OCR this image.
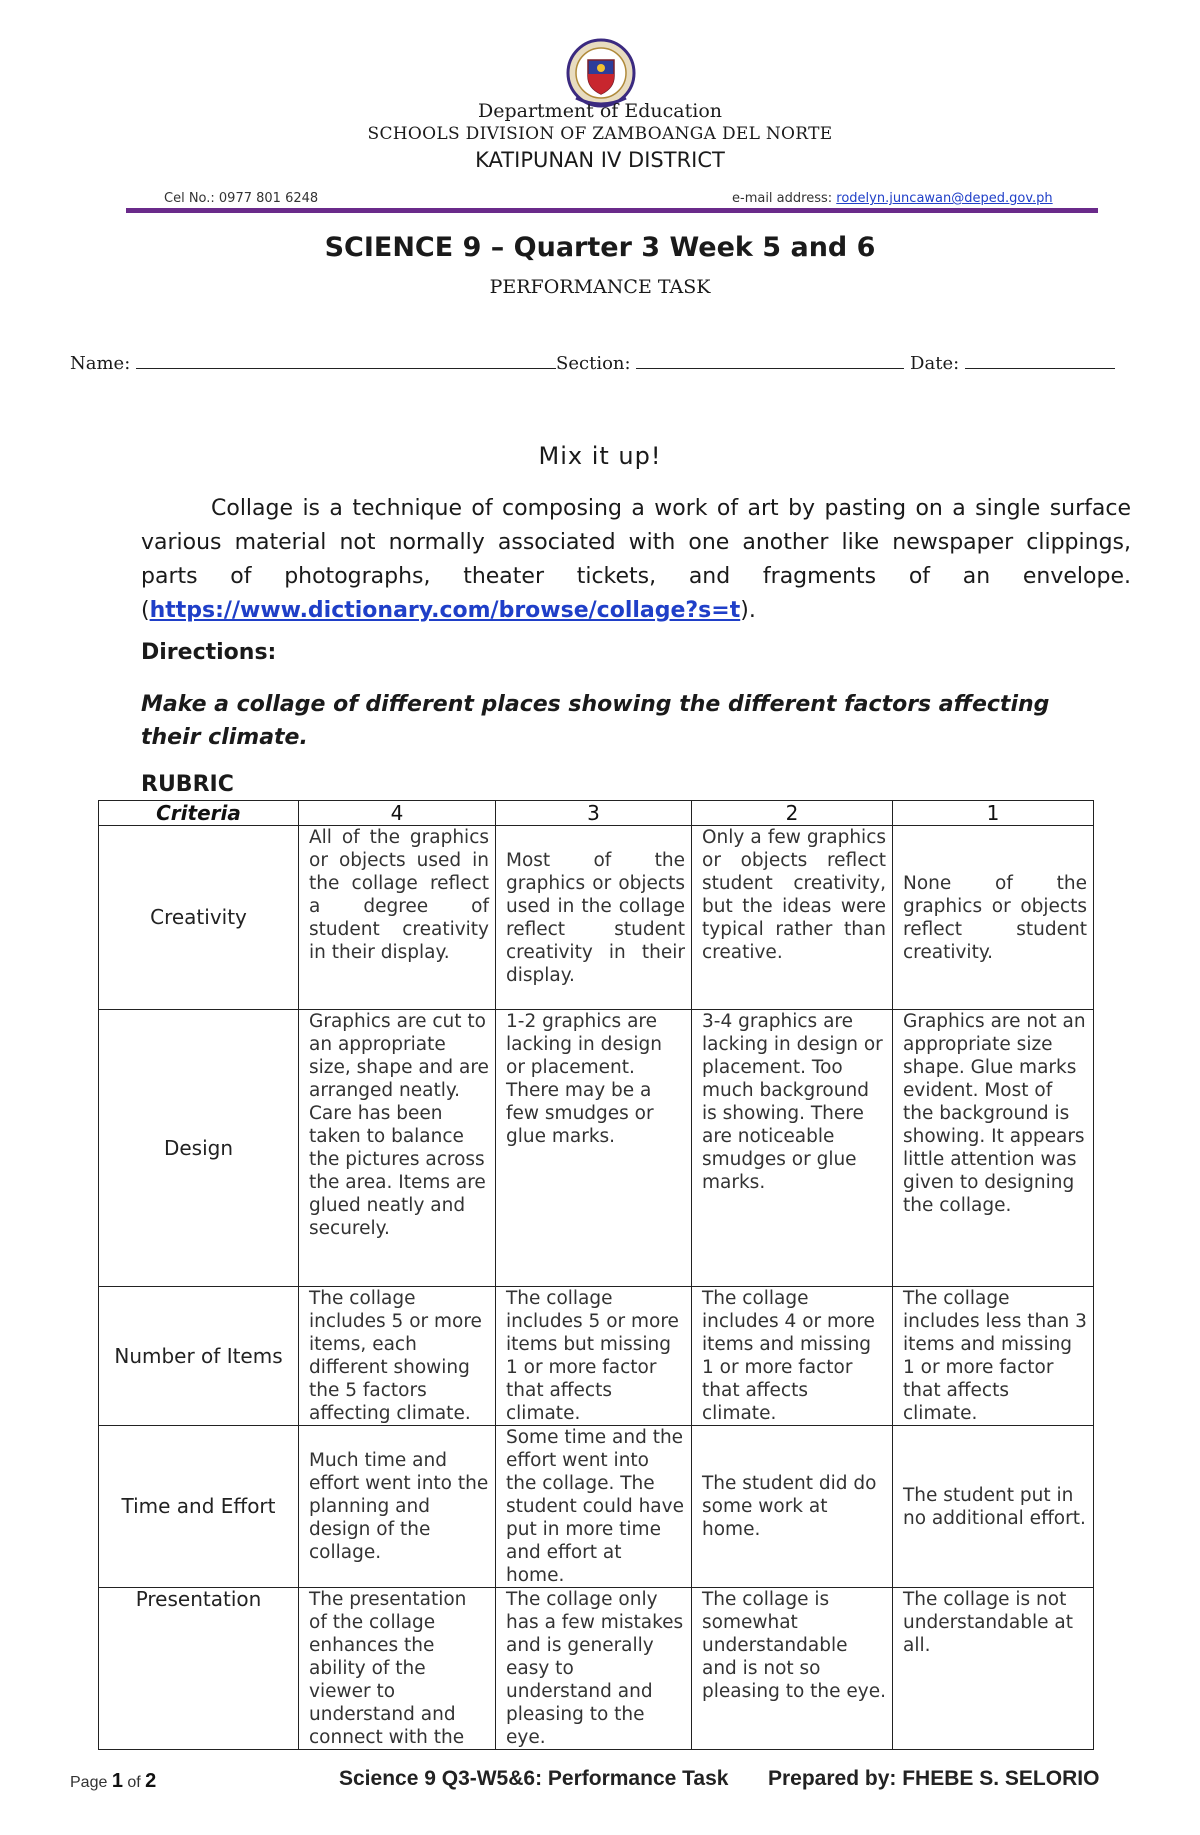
Department of Education
SCHOOLS DIVISION OF ZAMBOANGA DEL NORTE
KATIPUNAN IV DISTRICT
Cel No.: 0977 801 6248	e-mail address: rodelyn.juncawan@deped.gov.ph
SCIENCE 9 – Quarter 3 Week 5 and 6
PERFORMANCE TASK
Name:	Section:	Date:
Mix it up!
Collage is a technique of composing a work of art by pasting on a single surface various material not normally associated with one another like newspaper clippings, parts of photographs, theater tickets, and fragments of an envelope. (https://www.dictionary.com/browse/collage?s=t).
Directions:
Make a collage of different places showing the different factors affecting their climate.
RUBRIC
Criteria	4	3	2	1
Creativity	All of the graphics or objects used in the collage reflect a degree of student creativity in their display.	Most of the graphics or objects used in the collage reflect student creativity in their display.	Only a few graphics or objects reflect student creativity, but the ideas were typical rather than creative.	None of the graphics or objects reflect student creativity.
Design	Graphics are cut to an appropriate size, shape and are arranged neatly. Care has been taken to balance the pictures across the area. Items are glued neatly and securely.	1-2 graphics are lacking in design or placement. There may be a few smudges or glue marks.	3-4 graphics are lacking in design or placement. Too much background is showing. There are noticeable smudges or glue marks.	Graphics are not an appropriate size shape. Glue marks evident. Most of the background is showing. It appears little attention was given to designing the collage.
Number of Items	The collage includes 5 or more items, each different showing the 5 factors affecting climate.	The collage includes 5 or more items but missing 1 or more factor that affects climate.	The collage includes 4 or more items and missing 1 or more factor that affects climate.	The collage includes less than 3 items and missing 1 or more factor that affects climate.
Time and Effort	Much time and effort went into the planning and design of the collage.	Some time and the effort went into the collage. The student could have put in more time and effort at home.	The student did do some work at home.	The student put in no additional effort.
Presentation	The presentation of the collage enhances the ability of the viewer to understand and connect with the	The collage only has a few mistakes and is generally easy to understand and pleasing to the eye.	The collage is somewhat understandable and is not so pleasing to the eye.	The collage is not understandable at all.
Page 1 of 2	Science 9 Q3-W5&6: Performance Task Prepared by: FHEBE S. SELORIO
